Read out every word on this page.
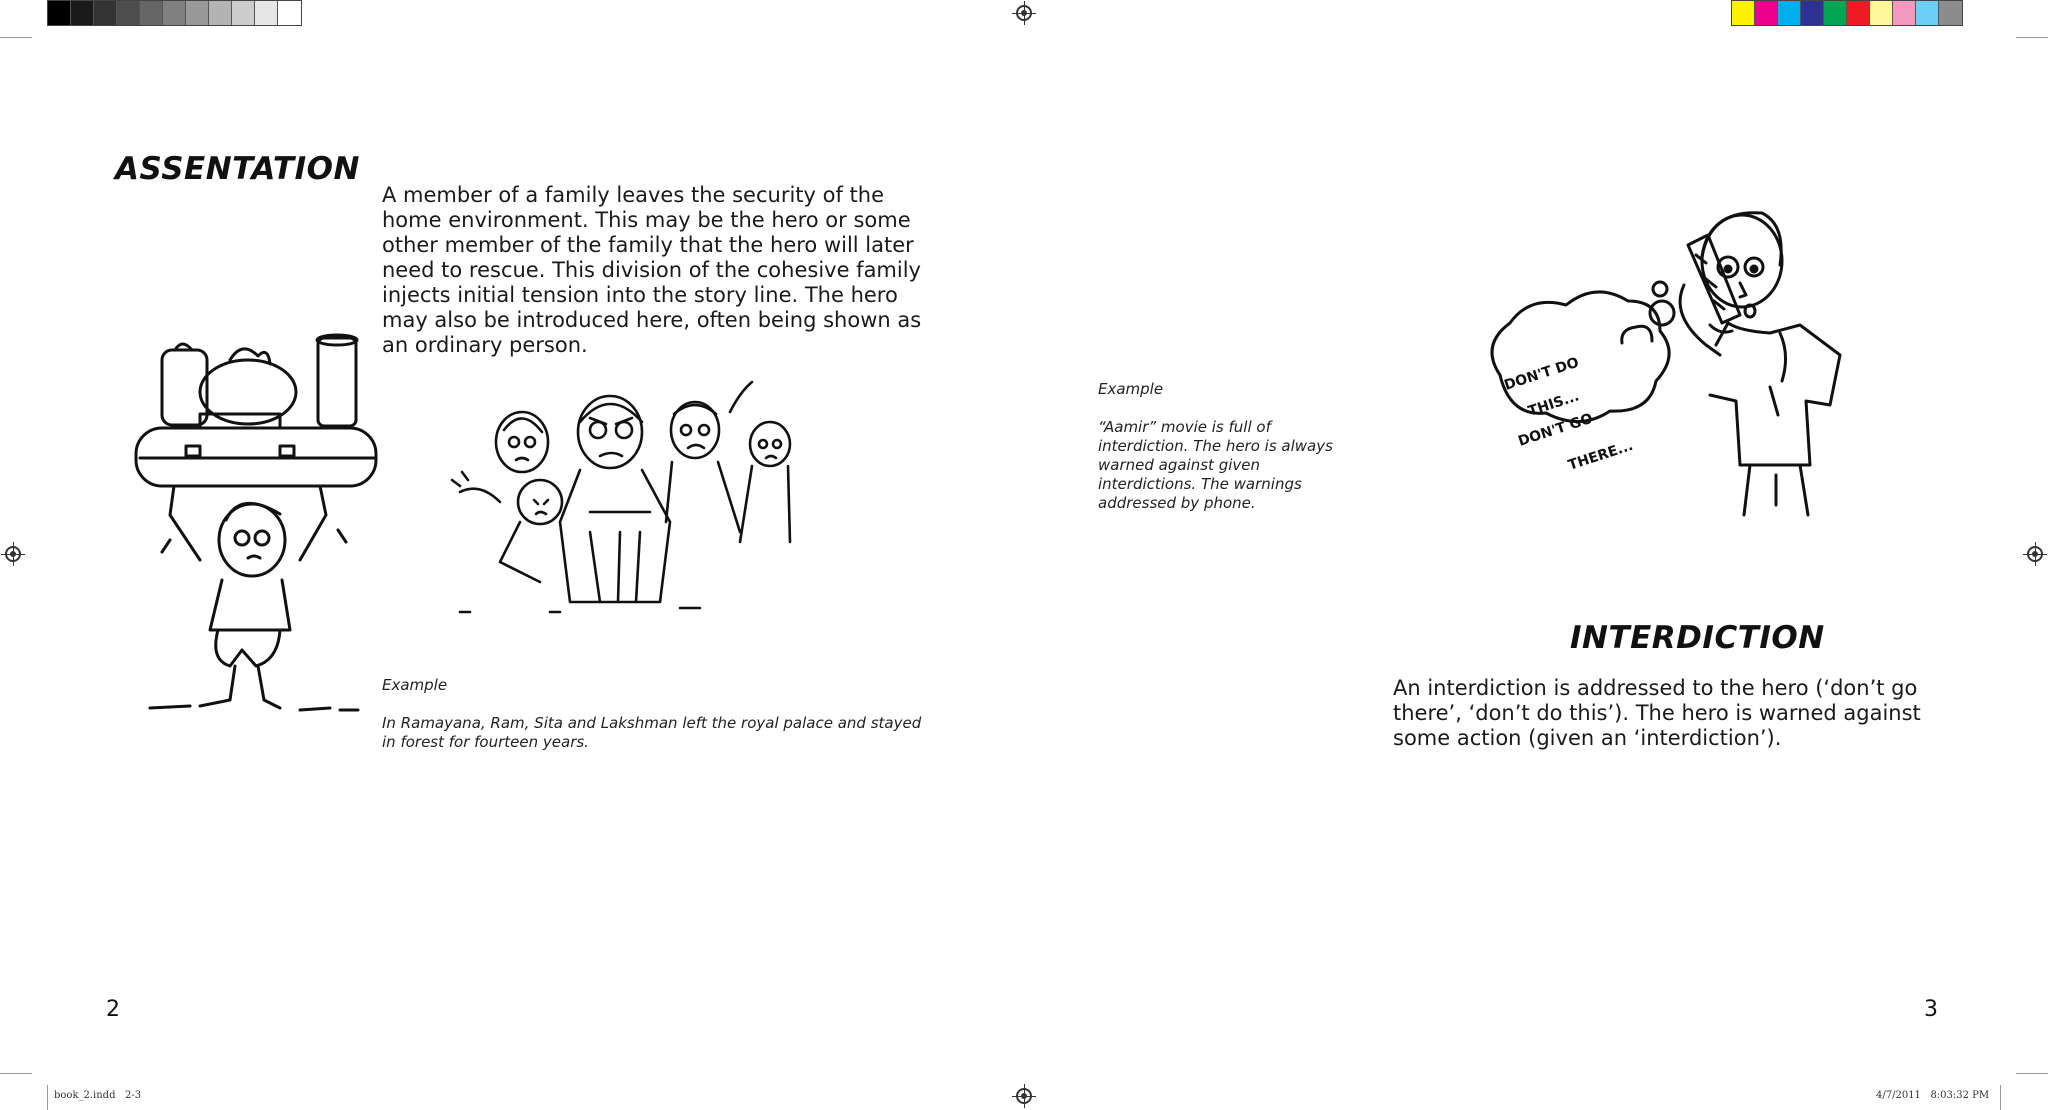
ASSENTATION
A member of a family leaves the security of the home environment. This may be the hero or some other member of the family that the hero will later need to rescue. This division of the cohesive family injects initial tension into the story line. The hero may also be introduced here, often being shown as an ordinary person.
Example
In Ramayana, Ram, Sita and Lakshman left the royal palace and stayed in forest for fourteen years.
2
Example
“Aamir” movie is full of interdiction. The hero is always warned against given interdictions. The warnings addressed by phone.
DON'T DO
THIS...
DON'T GO
THERE...
INTERDICTION
An interdiction is addressed to the hero (‘don’t go there’, ‘don’t do this’). The hero is warned against some action (given an ‘interdiction’).
3
book_2.indd   2-3	4/7/2011   8:03:32 PM
